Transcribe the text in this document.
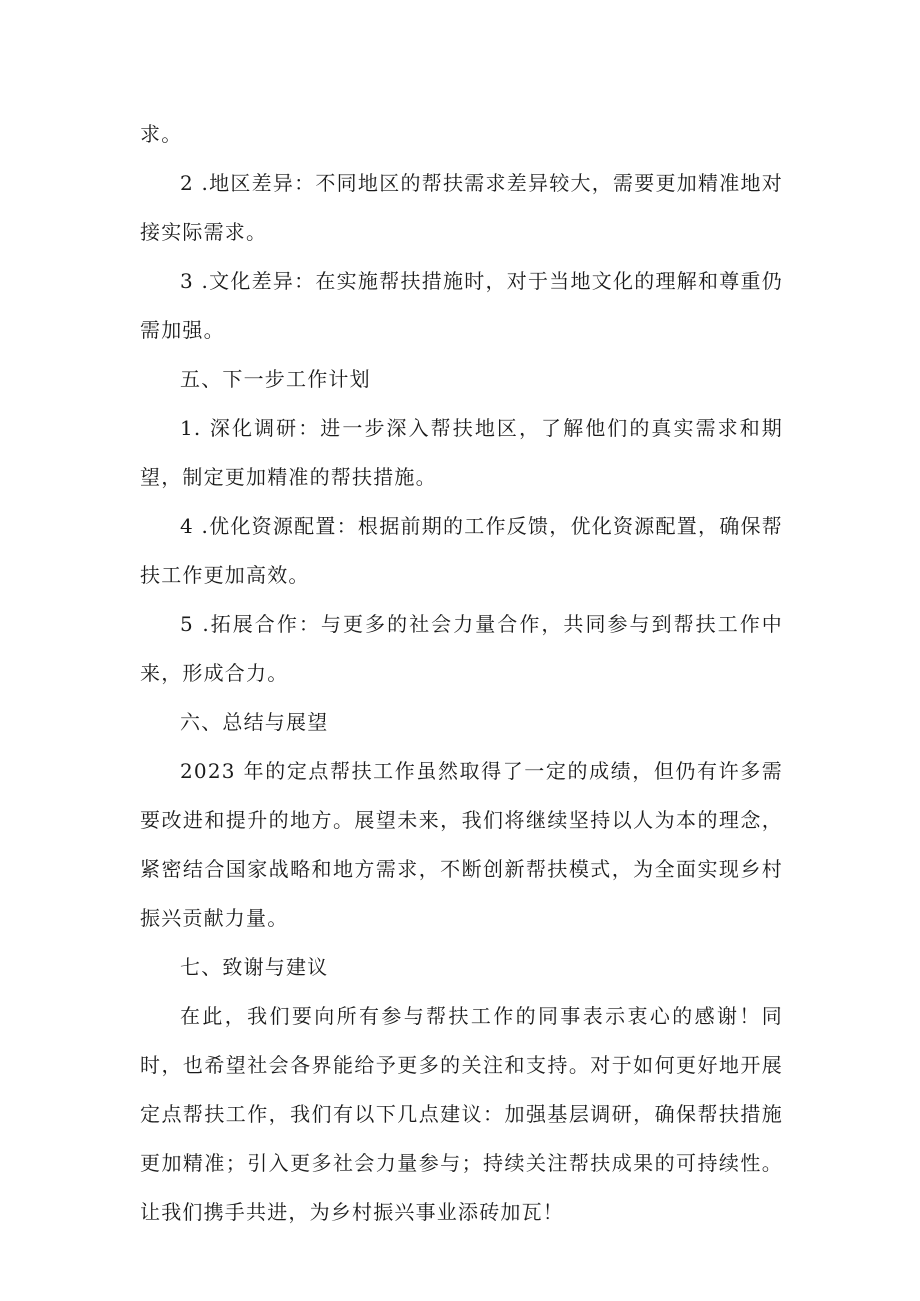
求。

2 .地区差异：不同地区的帮扶需求差异较大，需要更加精准地对接实际需求。

3 .文化差异：在实施帮扶措施时，对于当地文化的理解和尊重仍需加强。

五、下一步工作计划

1. 深化调研：进一步深入帮扶地区，了解他们的真实需求和期望，制定更加精准的帮扶措施。

4 .优化资源配置：根据前期的工作反馈，优化资源配置，确保帮扶工作更加高效。

5 .拓展合作：与更多的社会力量合作，共同参与到帮扶工作中来，形成合力。

六、总结与展望

2023 年的定点帮扶工作虽然取得了一定的成绩，但仍有许多需要改进和提升的地方。展望未来，我们将继续坚持以人为本的理念，紧密结合国家战略和地方需求，不断创新帮扶模式，为全面实现乡村振兴贡献力量。

七、致谢与建议

在此，我们要向所有参与帮扶工作的同事表示衷心的感谢！同时，也希望社会各界能给予更多的关注和支持。对于如何更好地开展定点帮扶工作，我们有以下几点建议：加强基层调研，确保帮扶措施更加精准；引入更多社会力量参与；持续关注帮扶成果的可持续性。让我们携手共进，为乡村振兴事业添砖加瓦！
